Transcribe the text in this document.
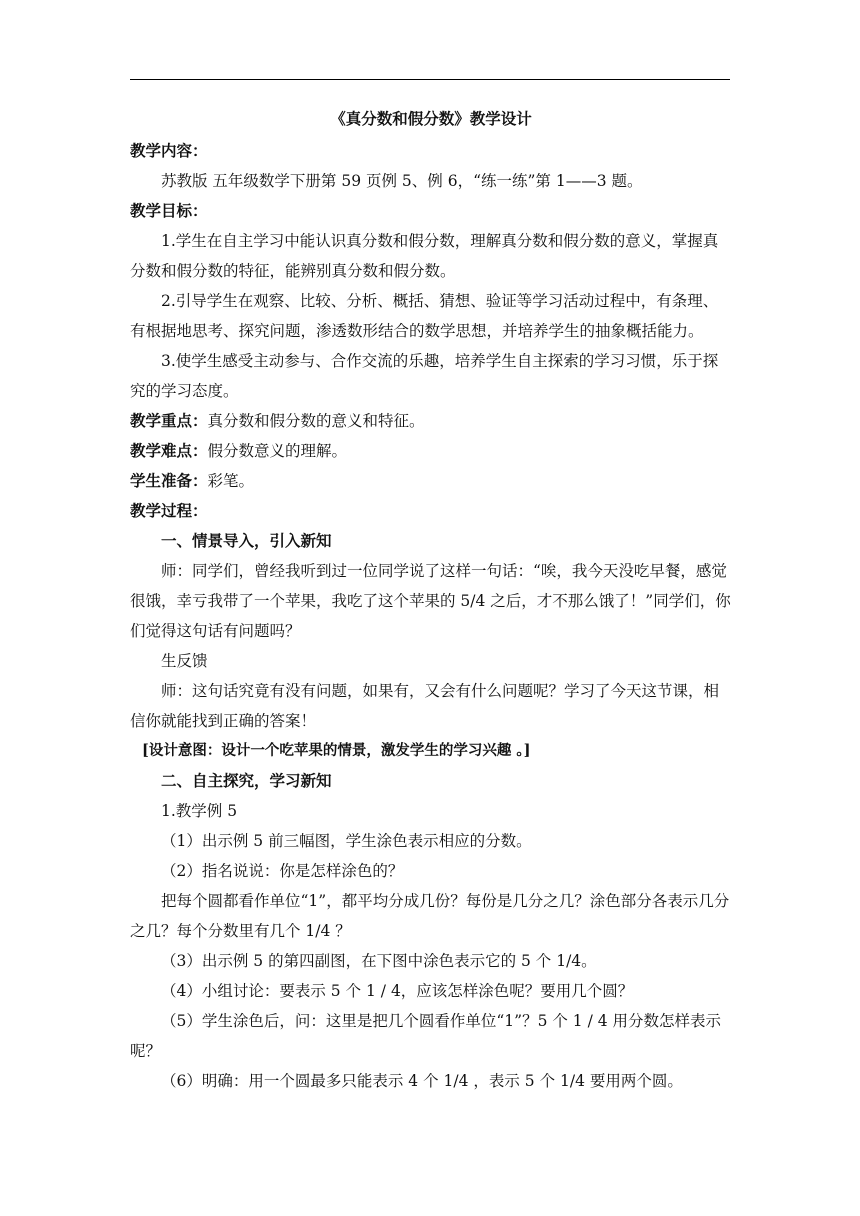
《真分数和假分数》教学设计

教学内容：

苏教版 五年级数学下册第 59 页例 5、例 6，“练一练”第 1——3 题。

教学目标：

1.学生在自主学习中能认识真分数和假分数，理解真分数和假分数的意义，掌握真分数和假分数的特征，能辨别真分数和假分数。

2.引导学生在观察、比较、分析、概括、猜想、验证等学习活动过程中，有条理、有根据地思考、探究问题，渗透数形结合的数学思想，并培养学生的抽象概括能力。

3.使学生感受主动参与、合作交流的乐趣，培养学生自主探索的学习习惯，乐于探究的学习态度。

教学重点：真分数和假分数的意义和特征。

教学难点：假分数意义的理解。

学生准备：彩笔。

教学过程：

一、情景导入，引入新知

师：同学们，曾经我听到过一位同学说了这样一句话：“唉，我今天没吃早餐，感觉很饿，幸亏我带了一个苹果，我吃了这个苹果的 5/4 之后，才不那么饿了！”同学们，你们觉得这句话有问题吗？

生反馈

师：这句话究竟有没有问题，如果有，又会有什么问题呢？学习了今天这节课，相信你就能找到正确的答案！

[设计意图：设计一个吃苹果的情景，激发学生的学习兴趣 。]

二、自主探究，学习新知

1.教学例 5

（1）出示例 5 前三幅图，学生涂色表示相应的分数。

（2）指名说说：你是怎样涂色的？

把每个圆都看作单位“1”，都平均分成几份？每份是几分之几？涂色部分各表示几分之几？每个分数里有几个 1/4 ？

（3）出示例 5 的第四副图，在下图中涂色表示它的 5 个 1/4。

（4）小组讨论：要表示 5 个 1 / 4，应该怎样涂色呢？要用几个圆？

（5）学生涂色后，问：这里是把几个圆看作单位“1”？5 个 1 / 4 用分数怎样表示呢？

（6）明确：用一个圆最多只能表示 4 个 1/4 ，表示 5 个 1/4 要用两个圆。
